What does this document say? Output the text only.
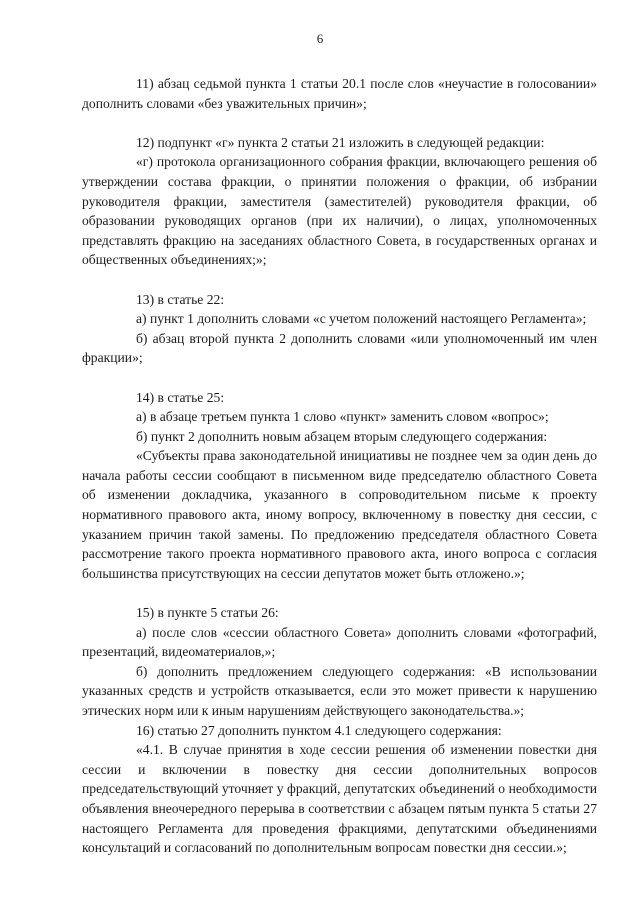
6

11) абзац седьмой пункта 1 статьи 20.1 после слов «неучастие в голосовании» дополнить словами «без уважительных причин»;

12) подпункт «г» пункта 2 статьи 21 изложить в следующей редакции:

«г) протокола организационного собрания фракции, включающего решения об утверждении состава фракции, о принятии положения о фракции, об избрании руководителя фракции, заместителя (заместителей) руководителя фракции, об образовании руководящих органов (при их наличии), о лицах, уполномоченных представлять фракцию на заседаниях областного Совета, в государственных органах и общественных объединениях;»;

13) в статье 22:

а) пункт 1 дополнить словами «с учетом положений настоящего Регламента»;

б) абзац второй пункта 2 дополнить словами «или уполномоченный им член фракции»;

14) в статье 25:

а) в абзаце третьем пункта 1 слово «пункт» заменить словом «вопрос»;

б) пункт 2 дополнить новым абзацем вторым следующего содержания:

«Субъекты права законодательной инициативы не позднее чем за один день до начала работы сессии сообщают в письменном виде председателю областного Совета об изменении докладчика, указанного в сопроводительном письме к проекту нормативного правового акта, иному вопросу, включенному в повестку дня сессии, с указанием причин такой замены. По предложению председателя областного Совета рассмотрение такого проекта нормативного правового акта, иного вопроса с согласия большинства присутствующих на сессии депутатов может быть отложено.»;

15) в пункте 5 статьи 26:

а) после слов «сессии областного Совета» дополнить словами «фотографий, презентаций, видеоматериалов,»;

б) дополнить предложением следующего содержания: «В использовании указанных средств и устройств отказывается, если это может привести к нарушению этических норм или к иным нарушениям действующего законодательства.»;

16) статью 27 дополнить пунктом 4.1 следующего содержания:

«4.1. В случае принятия в ходе сессии решения об изменении повестки дня сессии и включении в повестку дня сессии дополнительных вопросов председательствующий уточняет у фракций, депутатских объединений о необходимости объявления внеочередного перерыва в соответствии с абзацем пятым пункта 5 статьи 27 настоящего Регламента для проведения фракциями, депутатскими объединениями консультаций и согласований по дополнительным вопросам повестки дня сессии.»;
